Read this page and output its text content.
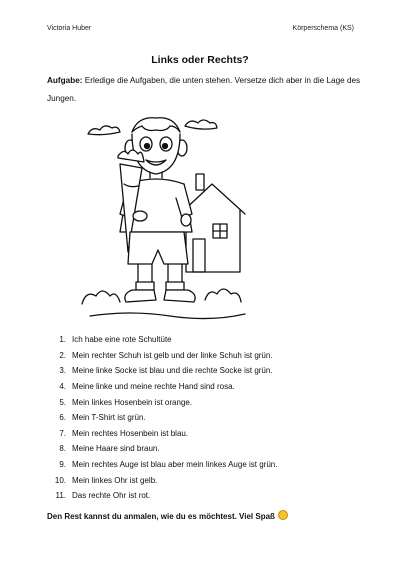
Victoria Huber	Körperschema (KS)
Links oder Rechts?
Aufgabe: Erledige die Aufgaben, die unten stehen. Versetze dich aber in die Lage des Jungen.
1. Ich habe eine rote Schultüte
2. Mein rechter Schuh ist gelb und der linke Schuh ist grün.
3. Meine linke Socke ist blau und die rechte Socke ist grün.
4. Meine linke und meine rechte Hand sind rosa.
5. Mein linkes Hosenbein ist orange.
6. Mein T-Shirt ist grün.
7. Mein rechtes Hosenbein ist blau.
8. Meine Haare sind braun.
9. Mein rechtes Auge ist blau aber mein linkes Auge ist grün.
10. Mein linkes Ohr ist gelb.
11. Das rechte Ohr ist rot.
Den Rest kannst du anmalen, wie du es möchtest. Viel Spaß
